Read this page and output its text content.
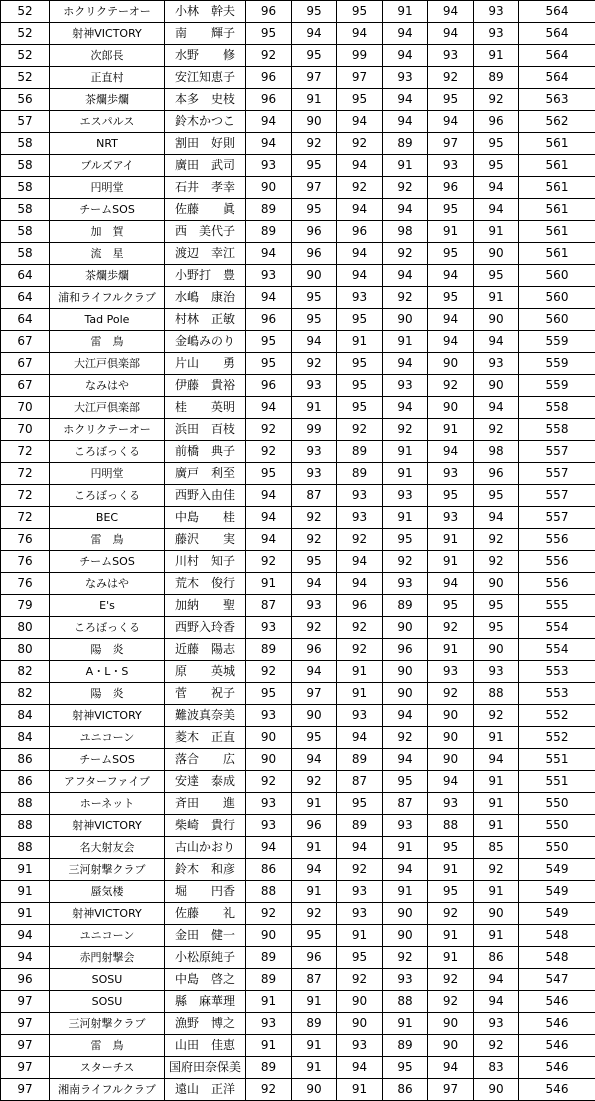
52	ホクリクテーオー	小林　幹夫	96	95	95	91	94	93	564
52	射神VICTORY	南　　輝子	95	94	94	94	94	93	564
52	次郎長	水野　　修	92	95	99	94	93	91	564
52	正直村	安江知恵子	96	97	97	93	92	89	564
56	茶爛歩爛	本多　史枝	96	91	95	94	95	92	563
57	エスパルス	鈴木かつこ	94	90	94	94	94	96	562
58	NRT	割田　好則	94	92	92	89	97	95	561
58	ブルズアイ	廣田　武司	93	95	94	91	93	95	561
58	円明堂	石井　孝幸	90	97	92	92	96	94	561
58	チームSOS	佐藤　　眞	89	95	94	94	95	94	561
58	加　賀	西　美代子	89	96	96	98	91	91	561
58	流　星	渡辺　幸江	94	96	94	92	95	90	561
64	茶爛歩爛	小野打　豊	93	90	94	94	94	95	560
64	浦和ライフルクラブ	水嶋　康治	94	95	93	92	95	91	560
64	Tad Pole	村林　正敏	96	95	95	90	94	90	560
67	雷　鳥	金嶋みのり	95	94	91	91	94	94	559
67	大江戸倶楽部	片山　　勇	95	92	95	94	90	93	559
67	なみはや	伊藤　貴裕	96	93	95	93	92	90	559
70	大江戸倶楽部	桂　　英明	94	91	95	94	90	94	558
70	ホクリクテーオー	浜田　百枝	92	99	92	92	91	92	558
72	ころぼっくる	前橋　典子	92	93	89	91	94	98	557
72	円明堂	廣戸　利至	95	93	89	91	93	96	557
72	ころぼっくる	西野入由佳	94	87	93	93	95	95	557
72	BEC	中島　　桂	94	92	93	91	93	94	557
76	雷　鳥	藤沢　　実	94	92	92	95	91	92	556
76	チームSOS	川村　知子	92	95	94	92	91	92	556
76	なみはや	荒木　俊行	91	94	94	93	94	90	556
79	E's	加納　　聖	87	93	96	89	95	95	555
80	ころぼっくる	西野入玲香	93	92	92	90	92	95	554
80	陽　炎	近藤　陽志	89	96	92	96	91	90	554
82	A・L・S	原　　英城	92	94	91	90	93	93	553
82	陽　炎	菅　　祝子	95	97	91	90	92	88	553
84	射神VICTORY	難波真奈美	93	90	93	94	90	92	552
84	ユニコーン	菱木　正直	90	95	94	92	90	91	552
86	チームSOS	落合　　広	90	94	89	94	90	94	551
86	アフターファイブ	安達　泰成	92	92	87	95	94	91	551
88	ホーネット	斉田　　進	93	91	95	87	93	91	550
88	射神VICTORY	柴崎　貴行	93	96	89	93	88	91	550
88	名大射友会	古山かおり	94	91	94	91	95	85	550
91	三河射撃クラブ	鈴木　和彦	86	94	92	94	91	92	549
91	蜃気楼	堀　　円香	88	91	93	91	95	91	549
91	射神VICTORY	佐藤　　礼	92	92	93	90	92	90	549
94	ユニコーン	金田　健一	90	95	91	90	91	91	548
94	赤門射撃会	小松原純子	89	96	95	92	91	86	548
96	SOSU	中島　啓之	89	87	92	93	92	94	547
97	SOSU	縣　麻華理	91	91	90	88	92	94	546
97	三河射撃クラブ	漁野　博之	93	89	90	91	90	93	546
97	雷　鳥	山田　佳恵	91	91	93	89	90	92	546
97	スターチス	国府田奈保美	89	91	94	95	94	83	546
97	湘南ライフルクラブ	遠山　正洋	92	90	91	86	97	90	546
